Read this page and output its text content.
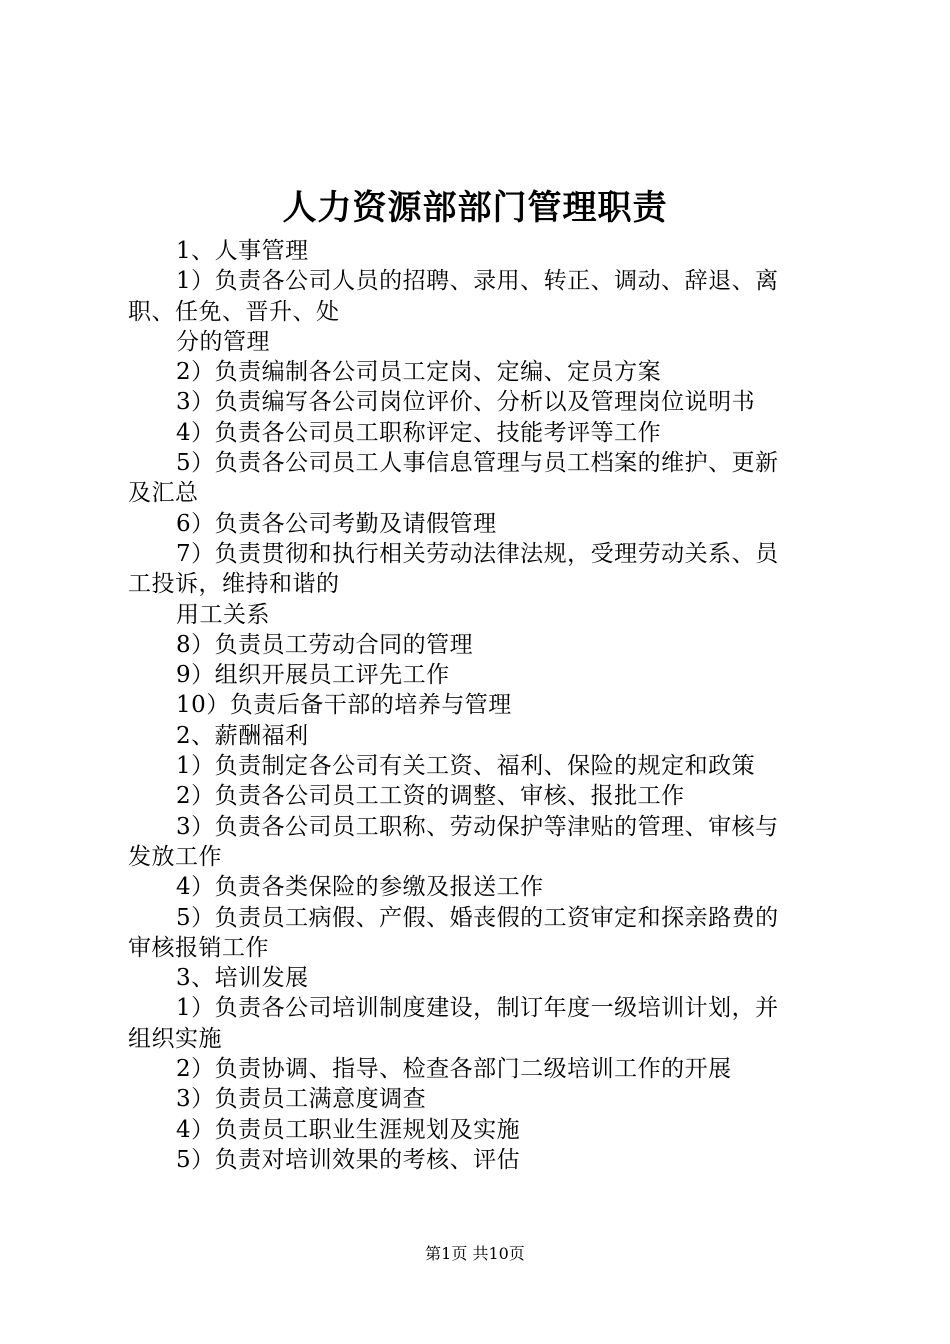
人力资源部部门管理职责
1、人事管理
1）负责各公司人员的招聘、录用、转正、调动、辞退、离
职、任免、晋升、处
分的管理
2）负责编制各公司员工定岗、定编、定员方案
3）负责编写各公司岗位评价、分析以及管理岗位说明书
4）负责各公司员工职称评定、技能考评等工作
5）负责各公司员工人事信息管理与员工档案的维护、更新
及汇总
6）负责各公司考勤及请假管理
7）负责贯彻和执行相关劳动法律法规，受理劳动关系、员
工投诉，维持和谐的
用工关系
8）负责员工劳动合同的管理
9）组织开展员工评先工作
10）负责后备干部的培养与管理
2、薪酬福利
1）负责制定各公司有关工资、福利、保险的规定和政策
2）负责各公司员工工资的调整、审核、报批工作
3）负责各公司员工职称、劳动保护等津贴的管理、审核与
发放工作
4）负责各类保险的参缴及报送工作
5）负责员工病假、产假、婚丧假的工资审定和探亲路费的
审核报销工作
3、培训发展
1）负责各公司培训制度建设，制订年度一级培训计划，并
组织实施
2）负责协调、指导、检查各部门二级培训工作的开展
3）负责员工满意度调查
4）负责员工职业生涯规划及实施
5）负责对培训效果的考核、评估
第1页 共10页
